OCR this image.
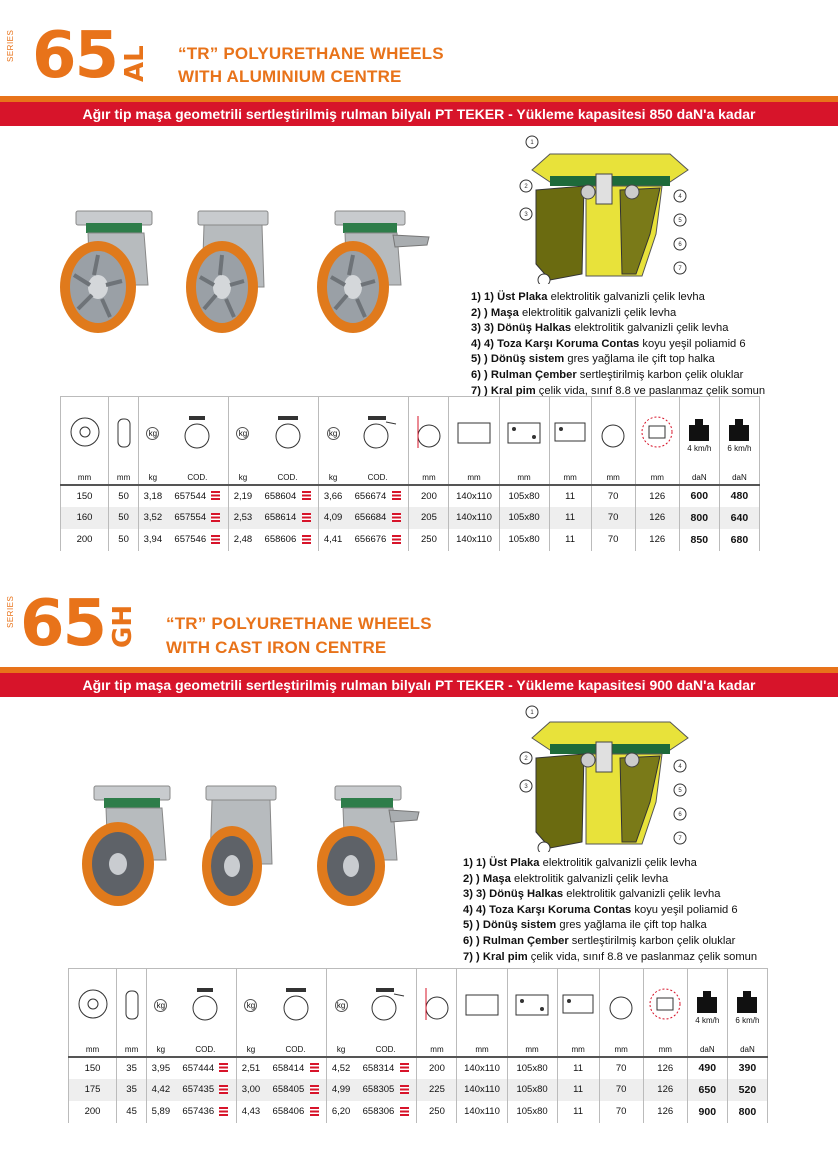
SERIES 65 AL “TR” POLYURETHANE WHEELS
WITH ALUMINIUM CENTRE
Ağır tip maşa geometrili sertleştirilmiş rulman bilyalı PT TEKER - Yükleme kapasitesi 850 daN'a kadar
1
2
3
4
5
6
7
1) 1) Üst Plaka elektrolitik galvanizli çelik levha
2) ) Maşa elektrolitik galvanizli çelik levha
3) 3) Dönüş Halkas elektrolitik galvanizli çelik levha
4) 4) Toza Karşı Koruma Contas koyu yeşil poliamid 6
5) ) Dönüş sistem gres yağlama ile çift top halka
6) ) Rulman Çember sertleştirilmiş karbon çelik oluklar
7) ) Kral pim çelik vida, sınıf 8.8 ve paslanmaz çelik somun
		kg		kg		kg								4 km/h	6 km/h

mm	mm	kg	COD.	kg	COD.	kg	COD.	mm	mm	mm	mm	mm	mm	daN	daN
150	50	3,18	657544	2,19	658604	3,66	656674	200	140x110	105x80	11	70	126	600	480
160	50	3,52	657554	2,53	658614	4,09	656684	205	140x110	105x80	11	70	126	800	640
200	50	3,94	657546	2,48	658606	4,41	656676	250	140x110	105x80	11	70	126	850	680
SERIES 65 GH “TR” POLYURETHANE WHEELS
WITH CAST IRON CENTRE
Ağır tip maşa geometrili sertleştirilmiş rulman bilyalı PT TEKER - Yükleme kapasitesi 900 daN'a kadar
1
2
3
4
5
6
7
1) 1) Üst Plaka elektrolitik galvanizli çelik levha
2) ) Maşa elektrolitik galvanizli çelik levha
3) 3) Dönüş Halkas elektrolitik galvanizli çelik levha
4) 4) Toza Karşı Koruma Contas koyu yeşil poliamid 6
5) ) Dönüş sistem gres yağlama ile çift top halka
6) ) Rulman Çember sertleştirilmiş karbon çelik oluklar
7) ) Kral pim çelik vida, sınıf 8.8 ve paslanmaz çelik somun
		kg		kg		kg								4 km/h	6 km/h

mm	mm	kg	COD.	kg	COD.	kg	COD.	mm	mm	mm	mm	mm	mm	daN	daN
150	35	3,95	657444	2,51	658414	4,52	658314	200	140x110	105x80	11	70	126	490	390
175	35	4,42	657435	3,00	658405	4,99	658305	225	140x110	105x80	11	70	126	650	520
200	45	5,89	657436	4,43	658406	6,20	658306	250	140x110	105x80	11	70	126	900	800
